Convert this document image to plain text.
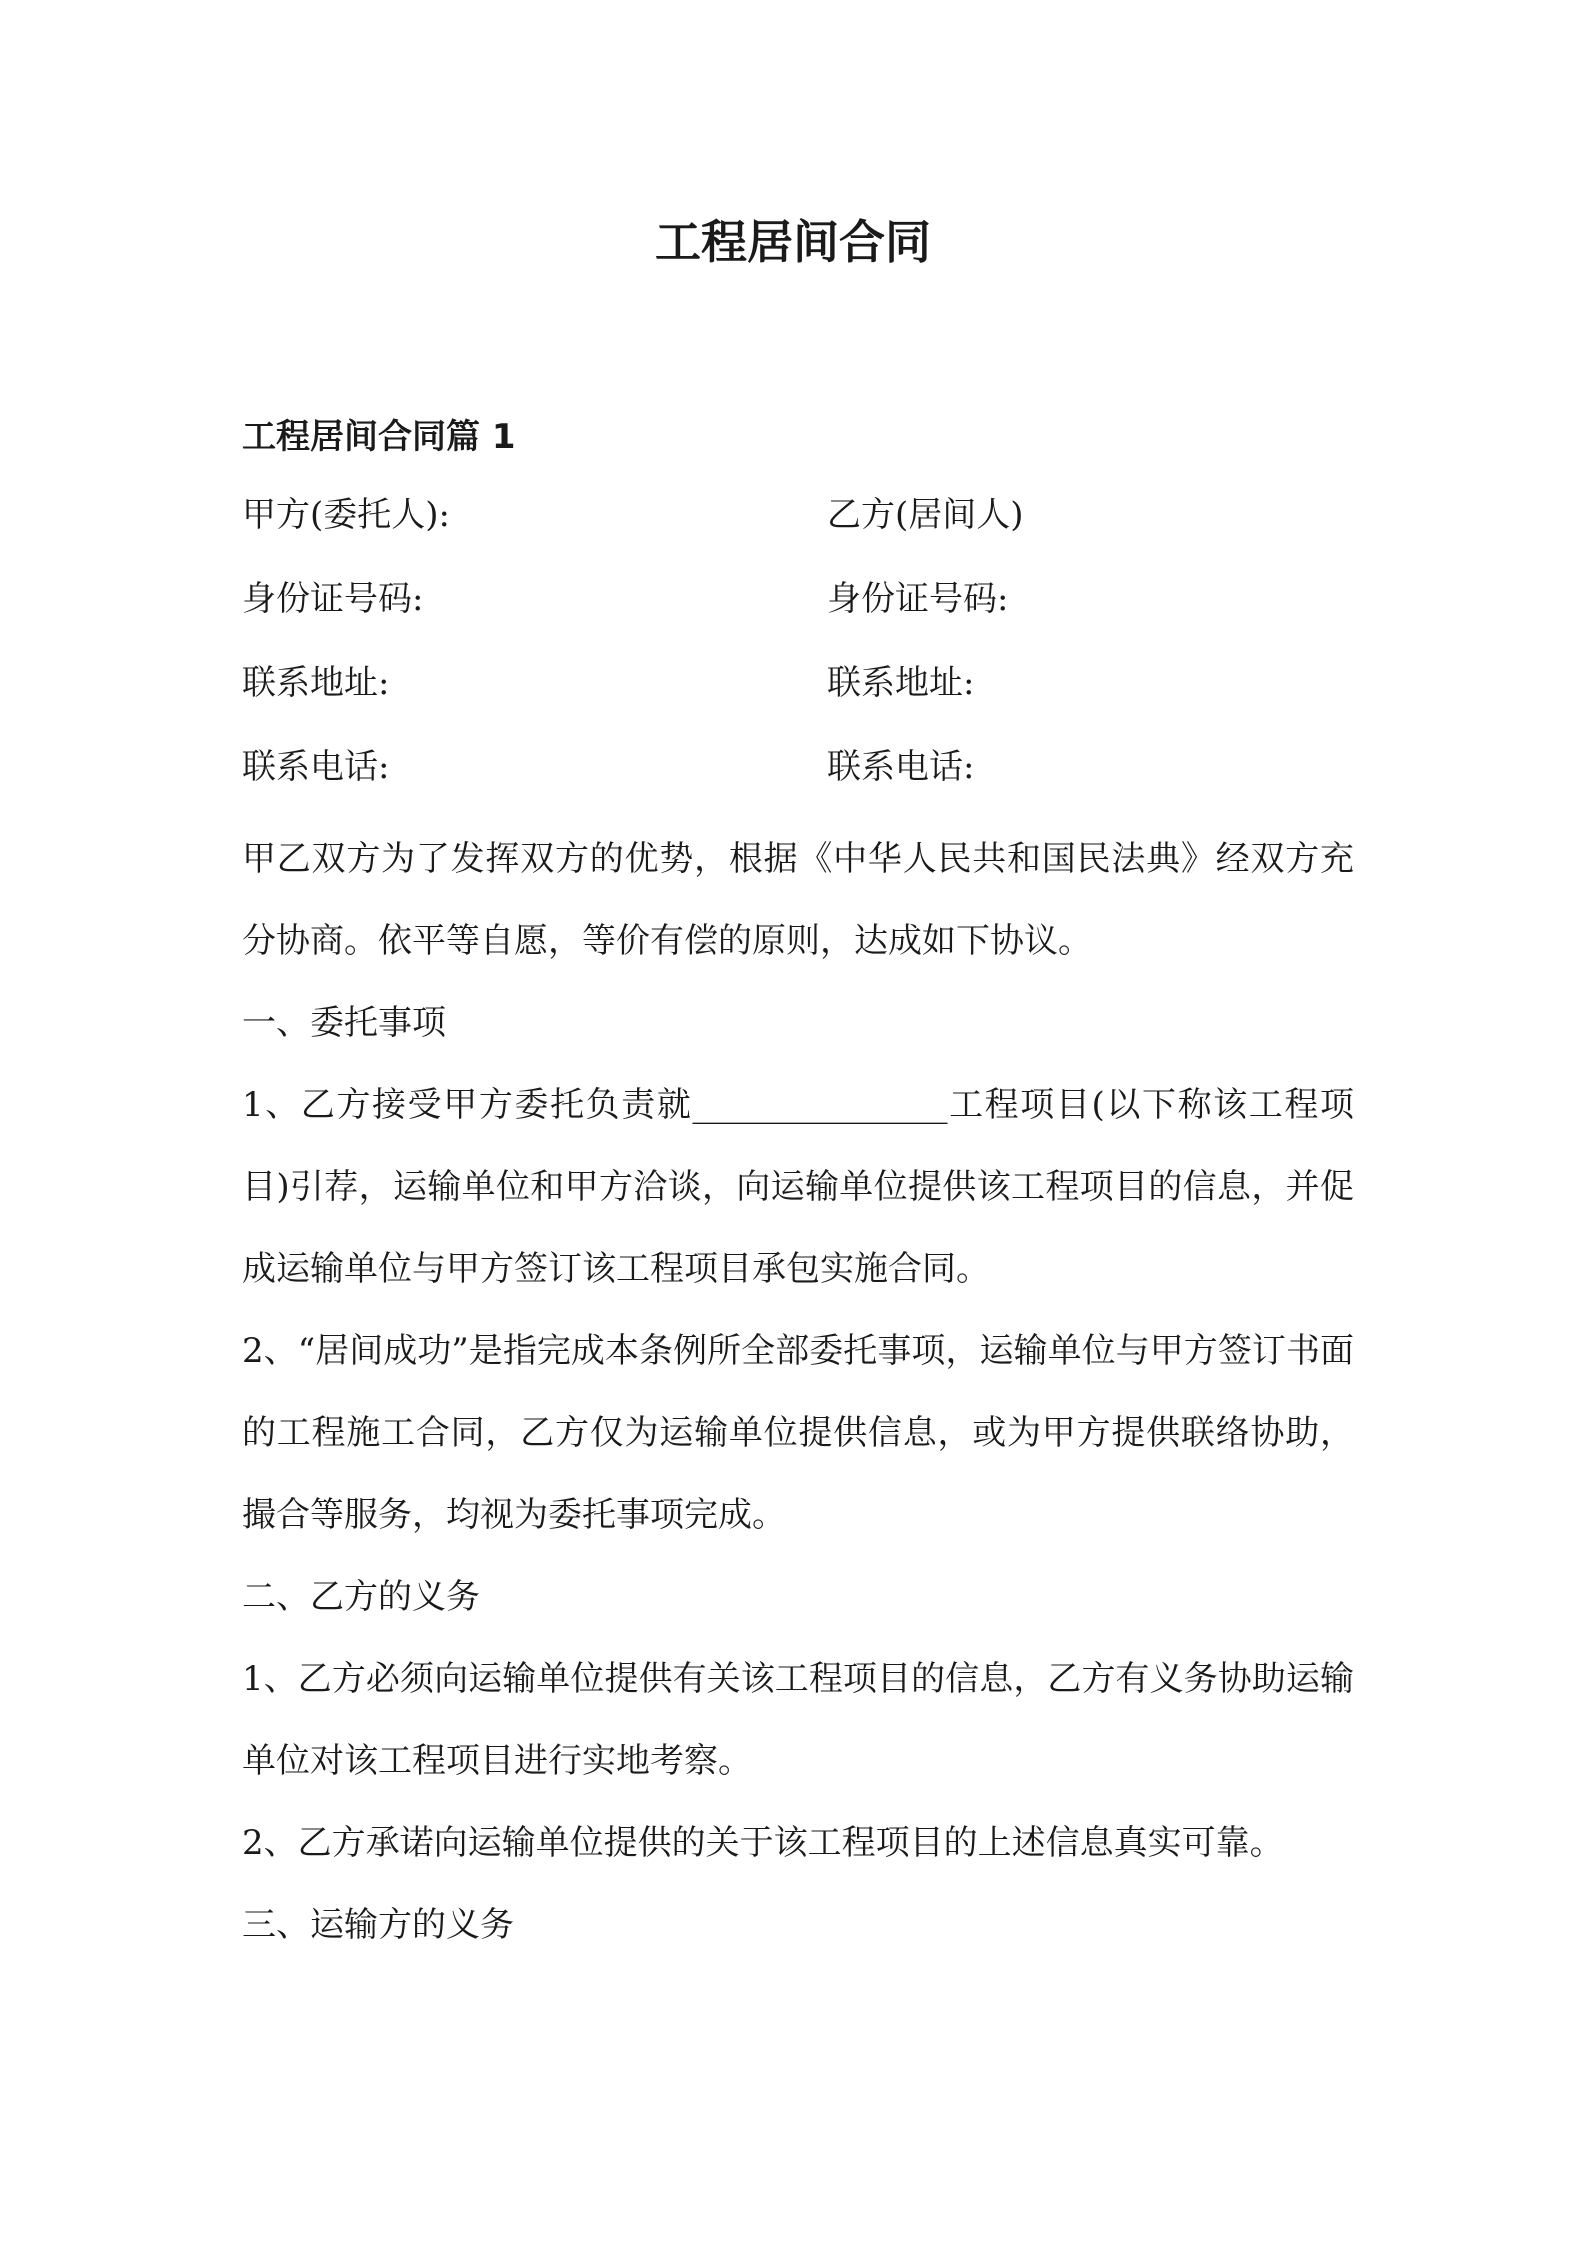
工程居间合同
工程居间合同篇 1
甲方(委托人):	乙方(居间人)
身份证号码:	身份证号码:
联系地址:	联系地址:
联系电话:	联系电话:

甲乙双方为了发挥双方的优势，根据《中华人民共和国民法典》经双方充分协商。依平等自愿，等价有偿的原则，达成如下协议。

一、委托事项

1、乙方接受甲方委托负责就_______________工程项目(以下称该工程项目)引荐，运输单位和甲方洽谈，向运输单位提供该工程项目的信息，并促成运输单位与甲方签订该工程项目承包实施合同。

2、“居间成功”是指完成本条例所全部委托事项，运输单位与甲方签订书面的工程施工合同，乙方仅为运输单位提供信息，或为甲方提供联络协助，撮合等服务，均视为委托事项完成。

二、乙方的义务

1、乙方必须向运输单位提供有关该工程项目的信息，乙方有义务协助运输单位对该工程项目进行实地考察。

2、乙方承诺向运输单位提供的关于该工程项目的上述信息真实可靠。

三、运输方的义务
